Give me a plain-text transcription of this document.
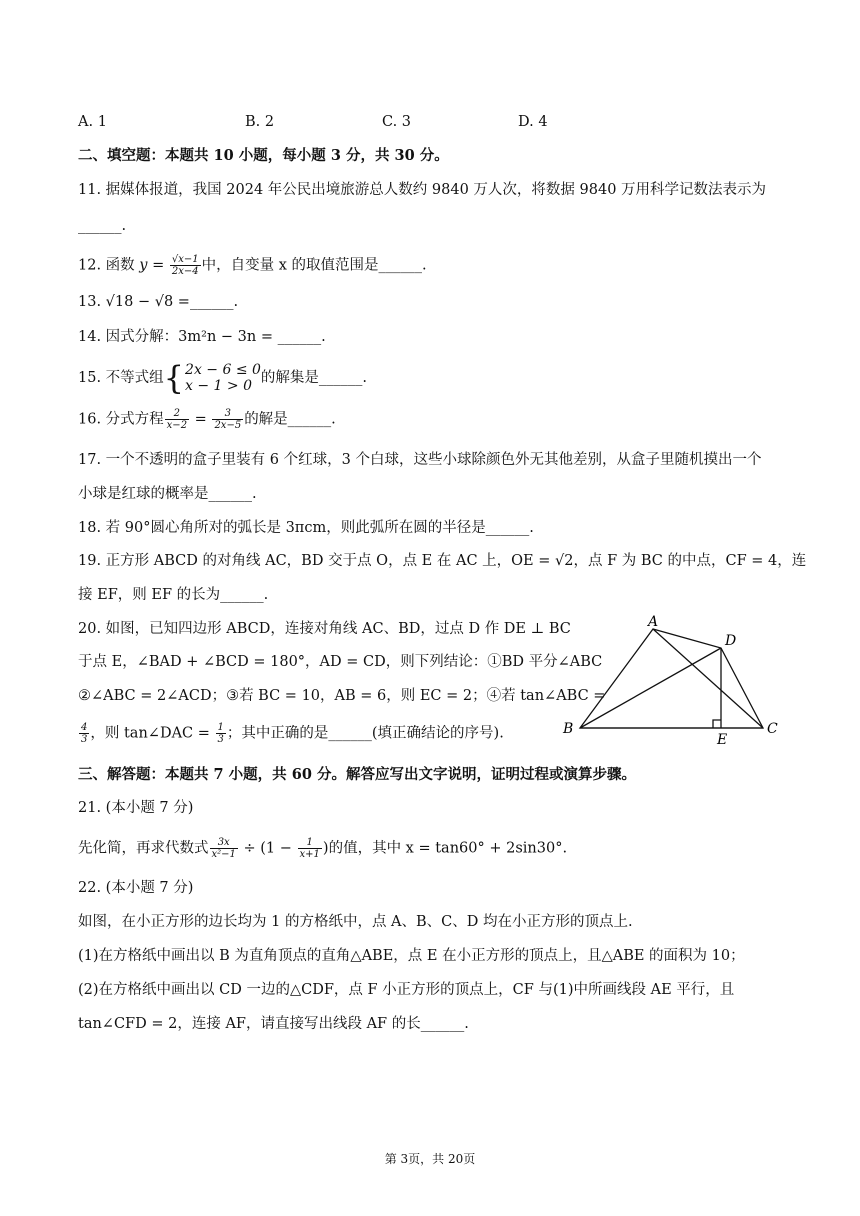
A. 1	B. 2	C. 3	D. 4
二、填空题：本题共 10 小题，每小题 3 分，共 30 分。
11. 据媒体报道，我国 2024 年公民出境旅游总人数约 9840 万人次，将数据 9840 万用科学记数法表示为
______.
12. 函数 $y = \frac{√x-1}{2x-4}$ 中，自变量 x 的取值范围是______.
13. √18 − √8 =______.
14. 因式分解：3m²n − 3n = ______.
15. 不等式组{ 2x − 6 ≤ 0
x − 1 > 0 的解集是______.
16. 分式方程 $\frac{2}{x-2} = \frac{3}{2x-5}$ 的解是______.
17. 一个不透明的盒子里装有 6 个红球，3 个白球，这些小球除颜色外无其他差别，从盒子里随机摸出一个
小球是红球的概率是______.
18. 若 90°圆心角所对的弧长是 3πcm，则此弧所在圆的半径是______.
19. 正方形 ABCD 的对角线 AC，BD 交于点 O，点 E 在 AC 上，OE = √2，点 F 为 BC 的中点，CF = 4，连
接 EF，则 EF 的长为______.
20. 如图，已知四边形 ABCD，连接对角线 AC、BD，过点 D 作 DE ⊥ BC
于点 E，∠BAD + ∠BCD = 180°，AD = CD，则下列结论：①BD 平分∠ABC
②∠ABC = 2∠ACD；③若 BC = 10，AB = 6，则 EC = 2；④若 tan∠ABC =
$\frac{4}{3}$ ，则 tan∠DAC = $\frac{1}{3}$ ；其中正确的是______(填正确结论的序号).
A
B	C
D
E
三、解答题：本题共 7 小题，共 60 分。解答应写出文字说明，证明过程或演算步骤。
21. (本小题 7 分)
先化简，再求代数式 $\frac{3x}{\text{x²−1}} \div (1 - \frac{1}{x+1}$ )的值，其中 x = tan60° + 2sin30°.
22. (本小题 7 分)
如图，在小正方形的边长均为 1 的方格纸中，点 A、B、C、D 均在小正方形的顶点上.
(1)在方格纸中画出以 B 为直角顶点的直角△ABE，点 E 在小正方形的顶点上，且△ABE 的面积为 10；
(2)在方格纸中画出以 CD 一边的△CDF，点 F 小正方形的顶点上，CF 与(1)中所画线段 AE 平行，且
tan∠CFD = 2，连接 AF，请直接写出线段 AF 的长______.
第 3页，共 20页
